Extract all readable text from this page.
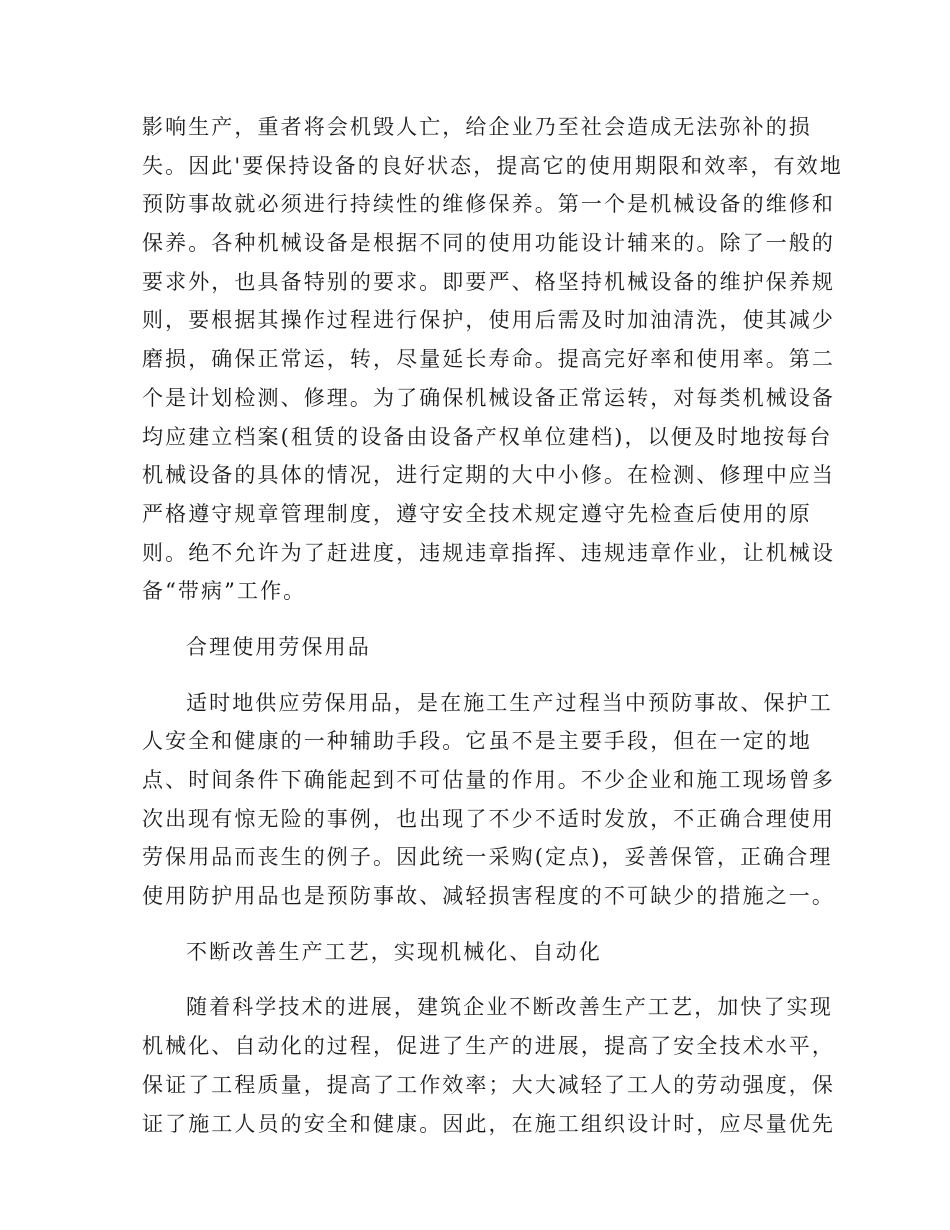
影响生产，重者将会机毁人亡，给企业乃至社会造成无法弥补的损
失。因此'要保持设备的良好状态，提高它的使用期限和效率，有效地
预防事故就必须进行持续性的维修保养。第一个是机械设备的维修和
保养。各种机械设备是根据不同的使用功能设计辅来的。除了一般的
要求外，也具备特别的要求。即要严、格坚持机械设备的维护保养规
则，要根据其操作过程进行保护，使用后需及时加油清洗，使其减少
磨损，确保正常运，转，尽量延长寿命。提高完好率和使用率。第二
个是计划检测、修理。为了确保机械设备正常运转，对每类机械设备
均应建立档案(租赁的设备由设备产权单位建档)，以便及时地按每台
机械设备的具体的情况，进行定期的大中小修。在检测、修理中应当
严格遵守规章管理制度，遵守安全技术规定遵守先检查后使用的原
则。绝不允许为了赶进度，违规违章指挥、违规违章作业，让机械设
备“带病”工作。
合理使用劳保用品
适时地供应劳保用品，是在施工生产过程当中预防事故、保护工
人安全和健康的一种辅助手段。它虽不是主要手段，但在一定的地
点、时间条件下确能起到不可估量的作用。不少企业和施工现场曾多
次出现有惊无险的事例，也出现了不少不适时发放，不正确合理使用
劳保用品而丧生的例子。因此统一采购(定点)，妥善保管，正确合理
使用防护用品也是预防事故、减轻损害程度的不可缺少的措施之一。
不断改善生产工艺，实现机械化、自动化
随着科学技术的进展，建筑企业不断改善生产工艺，加快了实现
机械化、自动化的过程，促进了生产的进展，提高了安全技术水平，
保证了工程质量，提高了工作效率；大大减轻了工人的劳动强度，保
证了施工人员的安全和健康。因此，在施工组织设计时，应尽量优先
